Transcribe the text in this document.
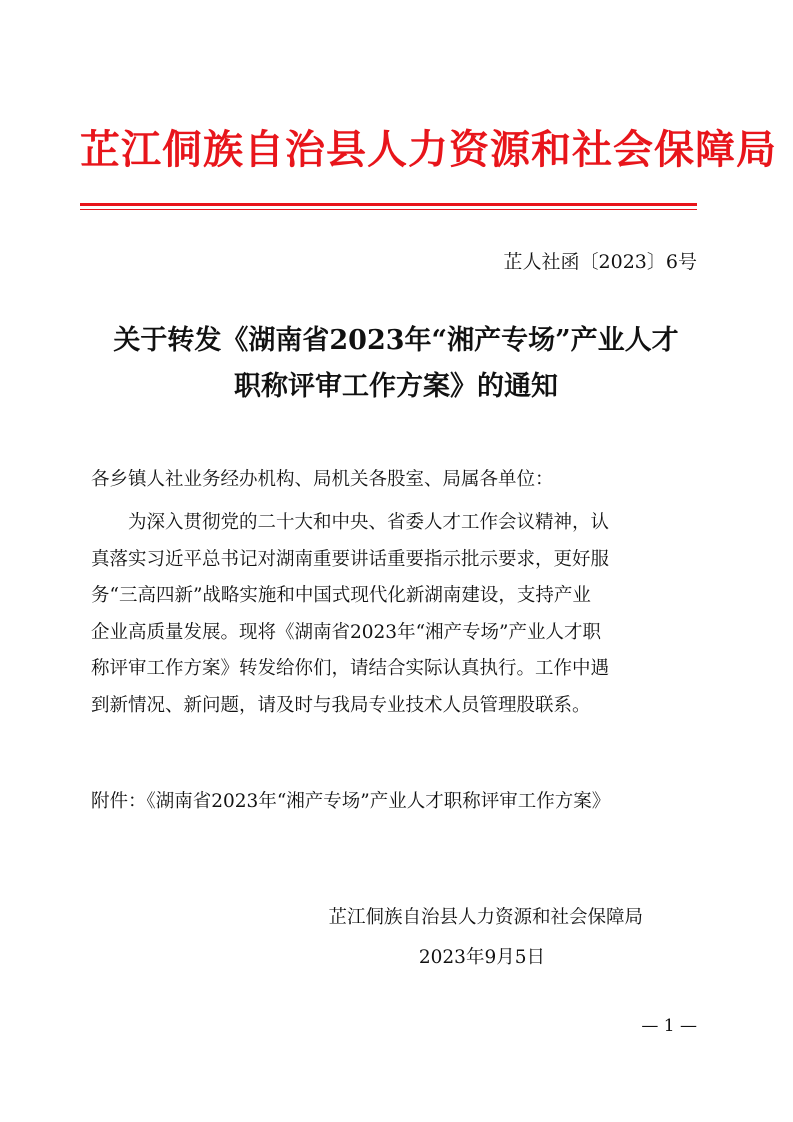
芷江侗族自治县人力资源和社会保障局
芷人社函〔2023〕6号
关于转发《湖南省2023年“湘产专场”产业人才
职称评审工作方案》的通知
各乡镇人社业务经办机构、局机关各股室、局属各单位：
为深入贯彻党的二十大和中央、省委人才工作会议精神，认
真落实习近平总书记对湖南重要讲话重要指示批示要求，更好服
务“三高四新”战略实施和中国式现代化新湖南建设，支持产业
企业高质量发展。现将《湖南省2023年“湘产专场”产业人才职
称评审工作方案》转发给你们，请结合实际认真执行。工作中遇
到新情况、新问题，请及时与我局专业技术人员管理股联系。
附件：《湖南省2023年“湘产专场”产业人才职称评审工作方案》
芷江侗族自治县人力资源和社会保障局
2023年9月5日
— 1 —
